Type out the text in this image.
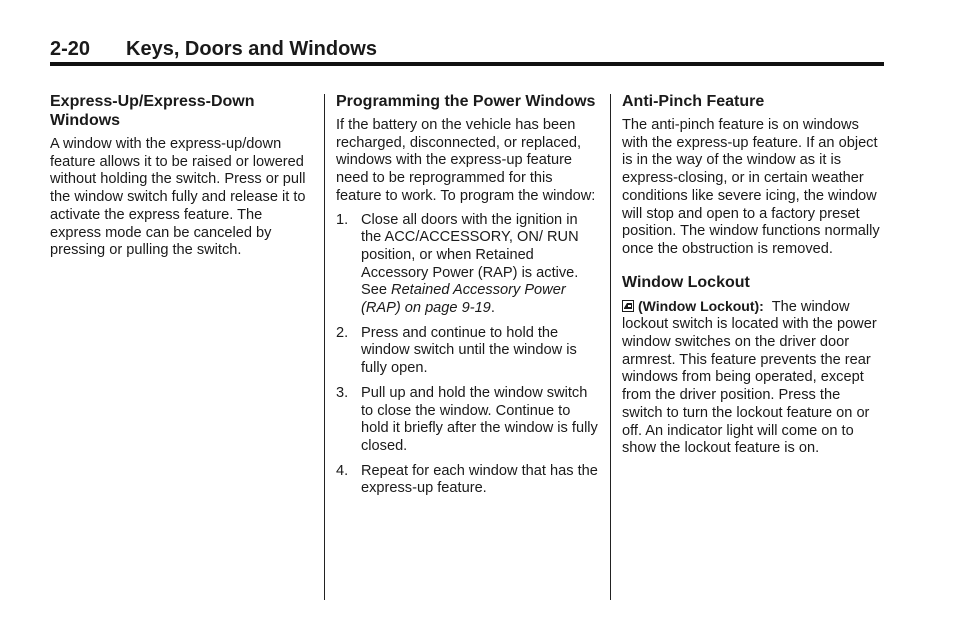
2-20 Keys, Doors and Windows
Express-Up/Express-Down Windows

A window with the express-up/down feature allows it to be raised or lowered without holding the switch. Press or pull the window switch fully and release it to activate the express feature. The express mode can be canceled by pressing or pulling the switch.

Programming the Power Windows

If the battery on the vehicle has been recharged, disconnected, or replaced, windows with the express-up feature need to be reprogrammed for this feature to work. To program the window:

1. Close all doors with the ignition in the ACC/ACCESSORY, ON/ RUN position, or when Retained Accessory Power (RAP) is active. See Retained Accessory Power (RAP) on page 9-19.
2. Press and continue to hold the window switch until the window is fully open.
3. Pull up and hold the window switch to close the window. Continue to hold it briefly after the window is fully closed.
4. Repeat for each window that has the express-up feature.
Anti-Pinch Feature

The anti-pinch feature is on windows with the express-up feature. If an object is in the way of the window as it is express-closing, or in certain weather conditions like severe icing, the window will stop and open to a factory preset position. The window functions normally once the obstruction is removed.

Window Lockout

(Window Lockout): The window lockout switch is located with the power window switches on the driver door armrest. This feature prevents the rear windows from being operated, except from the driver position. Press the switch to turn the lockout feature on or off. An indicator light will come on to show the lockout feature is on.
